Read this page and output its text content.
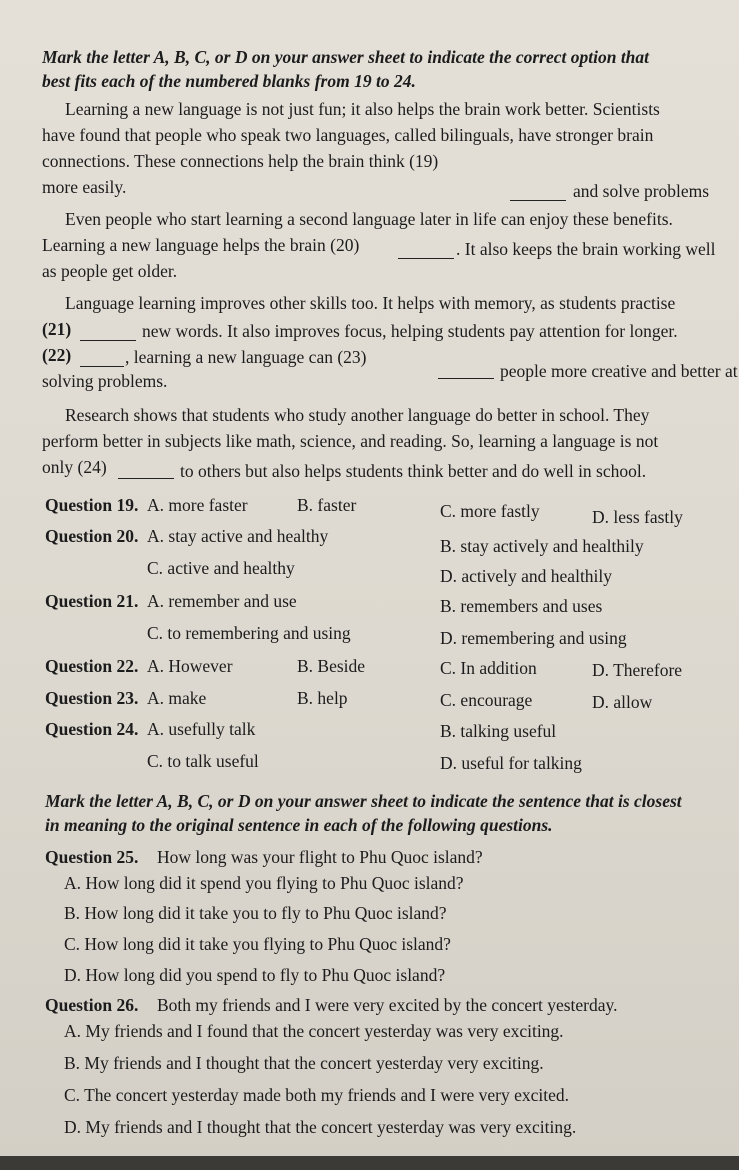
Mark the letter A, B, C, or D on your answer sheet to indicate the correct option that
best fits each of the numbered blanks from 19 to 24.
Learning a new language is not just fun; it also helps the brain work better. Scientists
have found that people who speak two languages, called bilinguals, have stronger brain
connections. These connections help the brain think (19)
more easily.	and solve problems
Even people who start learning a second language later in life can enjoy these benefits.
Learning a new language helps the brain (20)	. It also keeps the brain working well
as people get older.
Language learning improves other skills too. It helps with memory, as students practise
(21)	new words. It also improves focus, helping students pay attention for longer.
(22)	, learning a new language can (23)
people more creative and better at
solving problems.
Research shows that students who study another language do better in school. They
perform better in subjects like math, science, and reading. So, learning a language is not
only (24)	to others but also helps students think better and do well in school.
Question 19. A. more faster	B. faster	C. more fastly	D. less fastly
Question 20. A. stay active and healthy	B. stay actively and healthily
C. active and healthy	D. actively and healthily
Question 21. A. remember and use	B. remembers and uses
C. to remembering and using	D. remembering and using
Question 22. A. However	B. Beside	C. In addition	D. Therefore
Question 23. A. make	B. help	C. encourage	D. allow
Question 24. A. usefully talk	B. talking useful
C. to talk useful	D. useful for talking
Mark the letter A, B, C, or D on your answer sheet to indicate the sentence that is closest
in meaning to the original sentence in each of the following questions.
Question 25. How long was your flight to Phu Quoc island?
A. How long did it spend you flying to Phu Quoc island?
B. How long did it take you to fly to Phu Quoc island?
C. How long did it take you flying to Phu Quoc island?
D. How long did you spend to fly to Phu Quoc island?
Question 26. Both my friends and I were very excited by the concert yesterday.
A. My friends and I found that the concert yesterday was very exciting.
B. My friends and I thought that the concert yesterday very exciting.
C. The concert yesterday made both my friends and I were very excited.
D. My friends and I thought that the concert yesterday was very exciting.
